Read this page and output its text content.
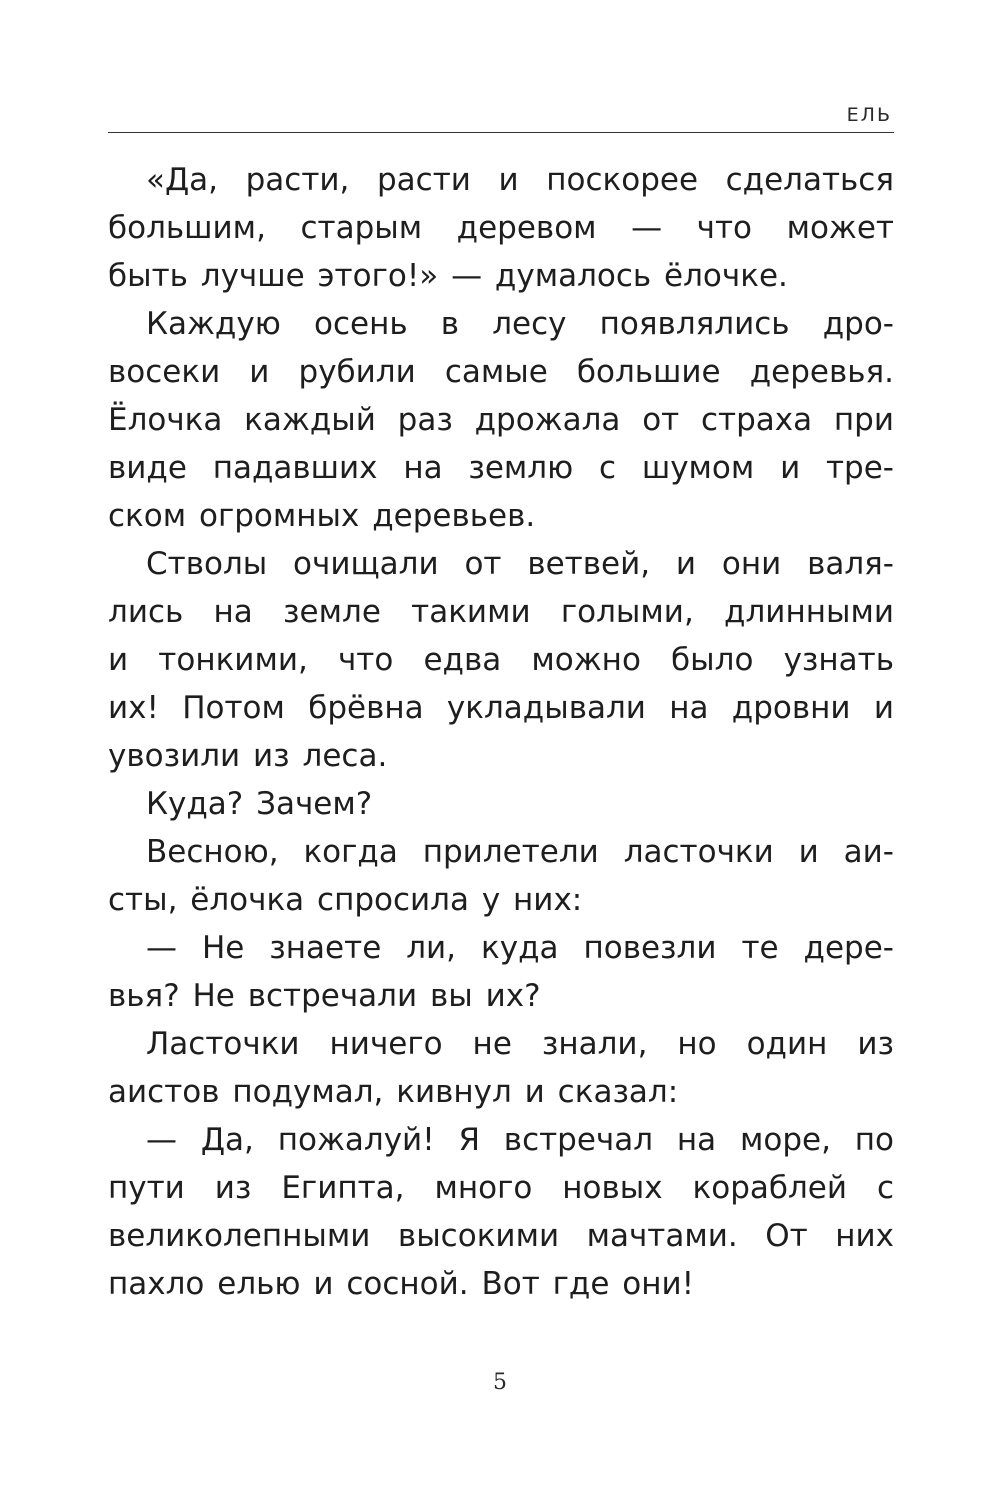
ЕЛЬ
«Да, расти, расти и поскорее сделаться
большим, старым деревом — что может
быть лучше этого!» — думалось ёлочке.
Каждую осень в лесу появлялись дро-
восеки и рубили самые большие деревья.
Ёлочка каждый раз дрожала от страха при
виде падавших на землю с шумом и тре-
ском огромных деревьев.
Стволы очищали от ветвей, и они валя-
лись на земле такими голыми, длинными
и тонкими, что едва можно было узнать
их! Потом брёвна укладывали на дровни и
увозили из леса.
Куда? Зачем?
Весною, когда прилетели ласточки и аи-
сты, ёлочка спросила у них:
— Не знаете ли, куда повезли те дере-
вья? Не встречали вы их?
Ласточки ничего не знали, но один из
аистов подумал, кивнул и сказал:
— Да, пожалуй! Я встречал на море, по
пути из Египта, много новых кораблей с
великолепными высокими мачтами. От них
пахло елью и сосной. Вот где они!
5
